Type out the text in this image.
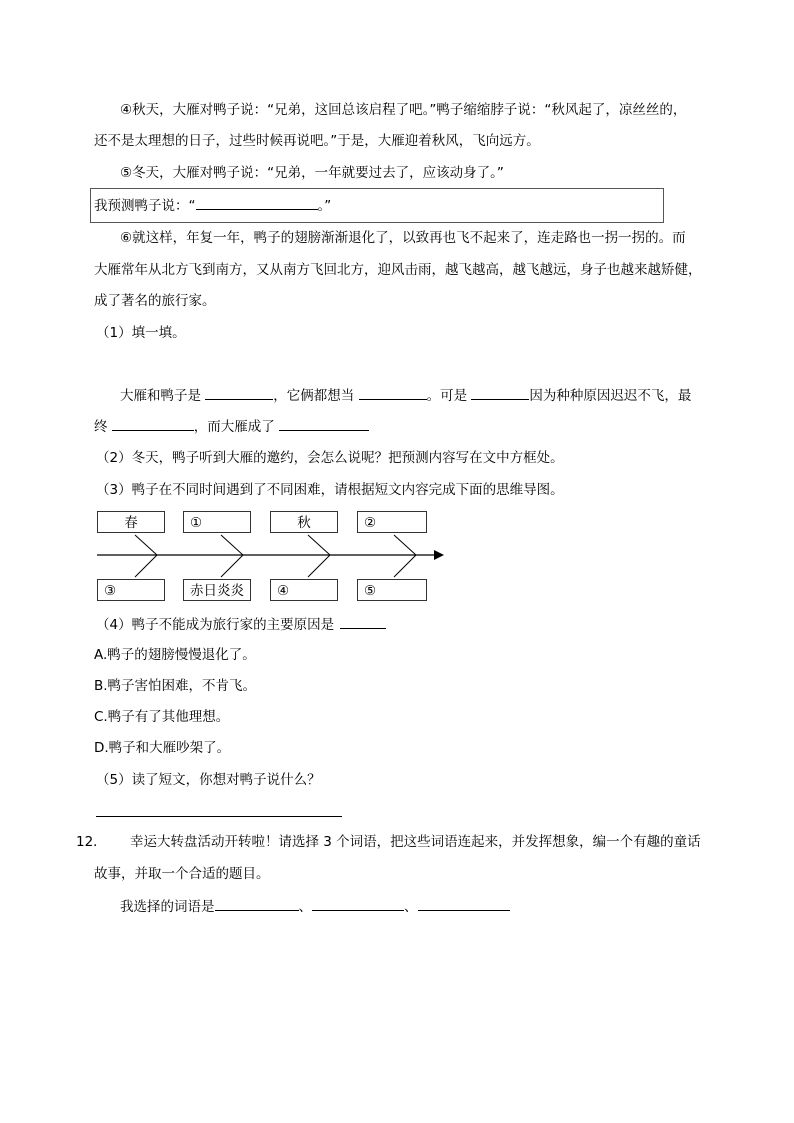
④秋天，大雁对鸭子说：“兄弟，这回总该启程了吧。”鸭子缩缩脖子说：“秋风起了，凉丝丝的，
还不是太理想的日子，过些时候再说吧。”于是，大雁迎着秋风，飞向远方。
⑤冬天，大雁对鸭子说：“兄弟，一年就要过去了，应该动身了。”
我预测鸭子说：“	。”
⑥就这样，年复一年，鸭子的翅膀渐渐退化了，以致再也飞不起来了，连走路也一拐一拐的。而
大雁常年从北方飞到南方，又从南方飞回北方，迎风击雨，越飞越高，越飞越远，身子也越来越矫健，
成了著名的旅行家。
（1）填一填。
大雁和鸭子是	，它俩都想当	。可是	因为种种原因迟迟不飞，最
终	，而大雁成了
（2）冬天，鸭子听到大雁的邀约，会怎么说呢？把预测内容写在文中方框处。
（3）鸭子在不同时间遇到了不同困难，请根据短文内容完成下面的思维导图。
春	①	秋	②
③	赤日炎炎	④	⑤
（4）鸭子不能成为旅行家的主要原因是
A.鸭子的翅膀慢慢退化了。
B.鸭子害怕困难，不肯飞。
C.鸭子有了其他理想。
D.鸭子和大雁吵架了。
（5）读了短文，你想对鸭子说什么？
12． 幸运大转盘活动开转啦！请选择 3 个词语，把这些词语连起来，并发挥想象，编一个有趣的童话
故事，并取一个合适的题目。
我选择的词语是	、	、
